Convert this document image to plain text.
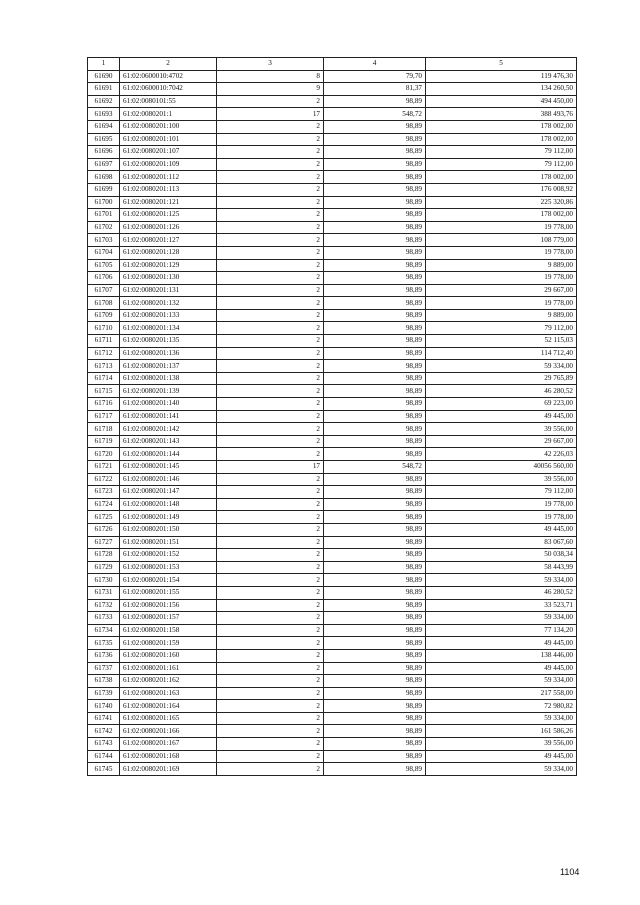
1	2	3	4	5
61690	61:02:0600010:4702	8	79,70	119 476,30
61691	61:02:0600010:7042	9	81,37	134 260,50
61692	61:02:0080101:55	2	98,89	494 450,00
61693	61:02:0080201:1	17	548,72	388 493,76
61694	61:02:0080201:100	2	98,89	178 002,00
61695	61:02:0080201:101	2	98,89	178 002,00
61696	61:02:0080201:107	2	98,89	79 112,00
61697	61:02:0080201:109	2	98,89	79 112,00
61698	61:02:0080201:112	2	98,89	178 002,00
61699	61:02:0080201:113	2	98,89	176 008,92
61700	61:02:0080201:121	2	98,89	225 320,86
61701	61:02:0080201:125	2	98,89	178 002,00
61702	61:02:0080201:126	2	98,89	19 778,00
61703	61:02:0080201:127	2	98,89	108 779,00
61704	61:02:0080201:128	2	98,89	19 778,00
61705	61:02:0080201:129	2	98,89	9 889,00
61706	61:02:0080201:130	2	98,89	19 778,00
61707	61:02:0080201:131	2	98,89	29 667,00
61708	61:02:0080201:132	2	98,89	19 778,00
61709	61:02:0080201:133	2	98,89	9 889,00
61710	61:02:0080201:134	2	98,89	79 112,00
61711	61:02:0080201:135	2	98,89	52 115,03
61712	61:02:0080201:136	2	98,89	114 712,40
61713	61:02:0080201:137	2	98,89	59 334,00
61714	61:02:0080201:138	2	98,89	29 765,89
61715	61:02:0080201:139	2	98,89	46 280,52
61716	61:02:0080201:140	2	98,89	69 223,00
61717	61:02:0080201:141	2	98,89	49 445,00
61718	61:02:0080201:142	2	98,89	39 556,00
61719	61:02:0080201:143	2	98,89	29 667,00
61720	61:02:0080201:144	2	98,89	42 226,03
61721	61:02:0080201:145	17	548,72	40056 560,00
61722	61:02:0080201:146	2	98,89	39 556,00
61723	61:02:0080201:147	2	98,89	79 112,00
61724	61:02:0080201:148	2	98,89	19 778,00
61725	61:02:0080201:149	2	98,89	19 778,00
61726	61:02:0080201:150	2	98,89	49 445,00
61727	61:02:0080201:151	2	98,89	83 067,60
61728	61:02:0080201:152	2	98,89	50 038,34
61729	61:02:0080201:153	2	98,89	58 443,99
61730	61:02:0080201:154	2	98,89	59 334,00
61731	61:02:0080201:155	2	98,89	46 280,52
61732	61:02:0080201:156	2	98,89	33 523,71
61733	61:02:0080201:157	2	98,89	59 334,00
61734	61:02:0080201:158	2	98,89	77 134,20
61735	61:02:0080201:159	2	98,89	49 445,00
61736	61:02:0080201:160	2	98,89	138 446,00
61737	61:02:0080201:161	2	98,89	49 445,00
61738	61:02:0080201:162	2	98,89	59 334,00
61739	61:02:0080201:163	2	98,89	217 558,00
61740	61:02:0080201:164	2	98,89	72 980,82
61741	61:02:0080201:165	2	98,89	59 334,00
61742	61:02:0080201:166	2	98,89	161 586,26
61743	61:02:0080201:167	2	98,89	39 556,00
61744	61:02:0080201:168	2	98,89	49 445,00
61745	61:02:0080201:169	2	98,89	59 334,00
1104
